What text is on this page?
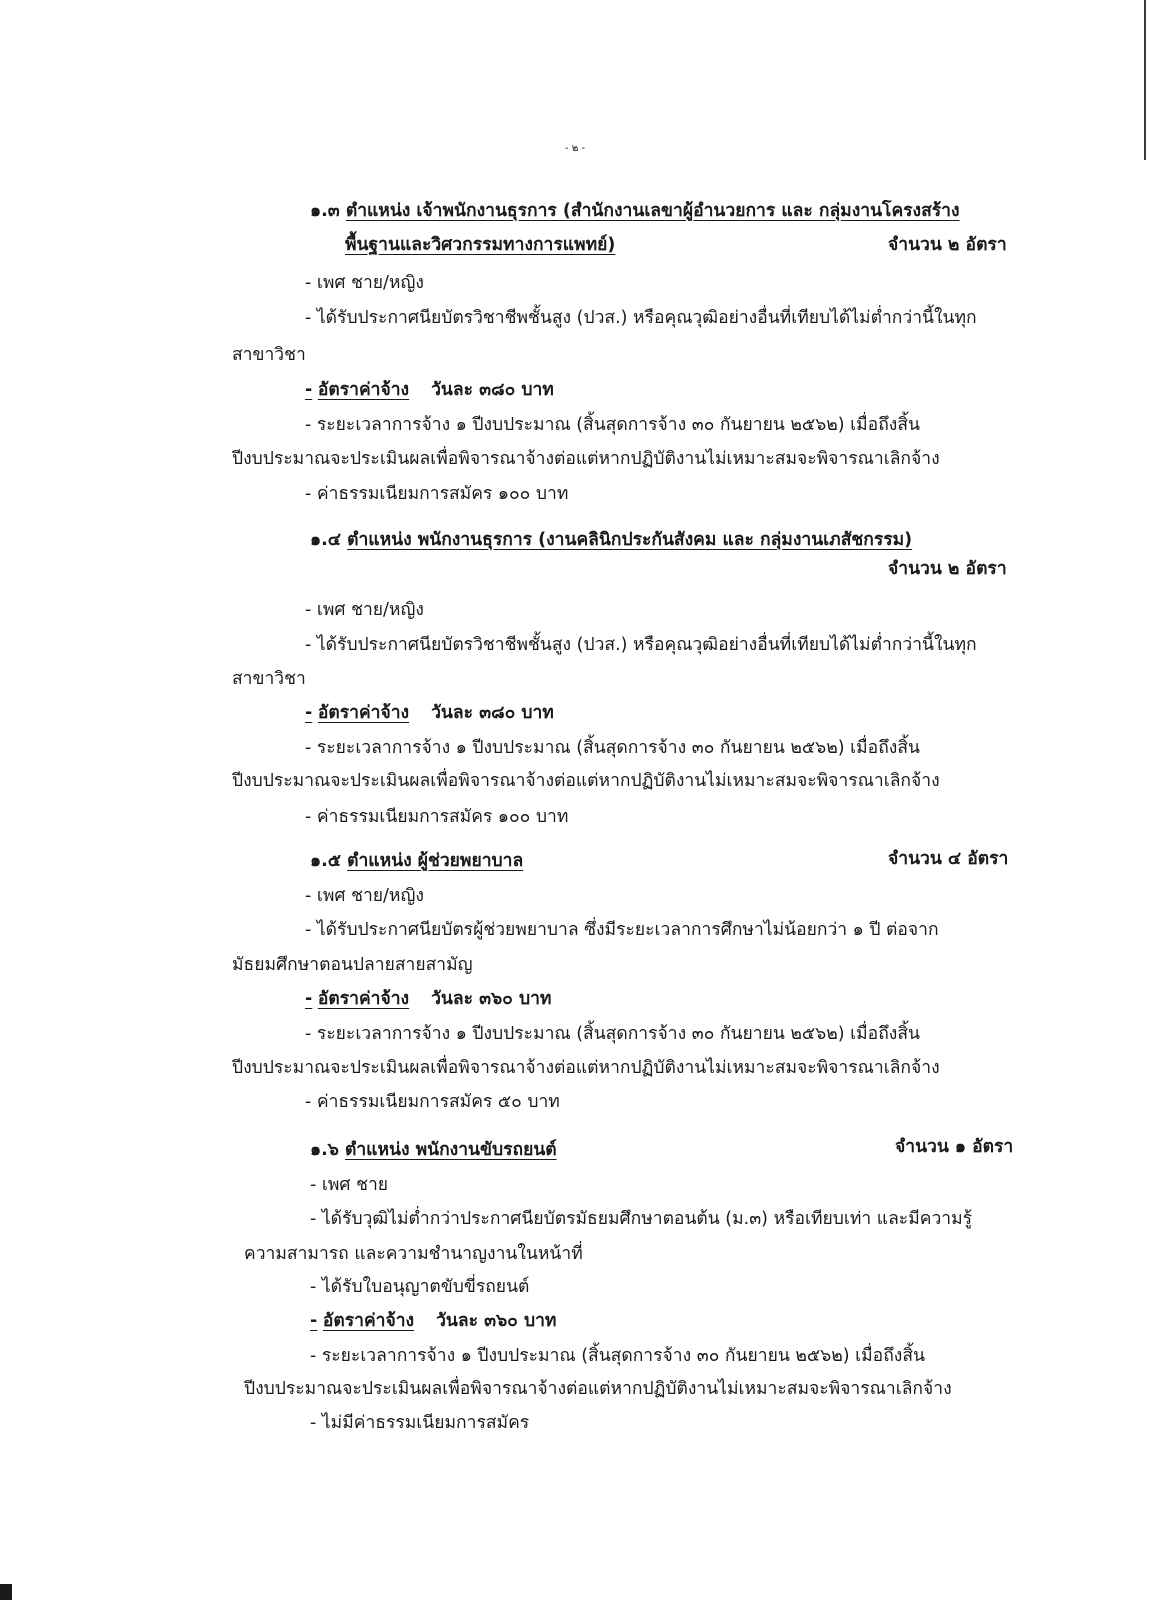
- ๒ -
๑.๓ ตำแหน่ง เจ้าพนักงานธุรการ (สำนักงานเลขาผู้อำนวยการ และ กลุ่มงานโครงสร้าง
พื้นฐานและวิศวกรรมทางการแพทย์)	จำนวน ๒ อัตรา
- เพศ ชาย/หญิง
- ได้รับประกาศนียบัตรวิชาชีพชั้นสูง (ปวส.) หรือคุณวุฒิอย่างอื่นที่เทียบได้ไม่ต่ำกว่านี้ในทุก
สาขาวิชา
- อัตราค่าจ้าง วันละ ๓๘๐ บาท
- ระยะเวลาการจ้าง ๑ ปีงบประมาณ (สิ้นสุดการจ้าง ๓๐ กันยายน ๒๕๖๒) เมื่อถึงสิ้น
ปีงบประมาณจะประเมินผลเพื่อพิจารณาจ้างต่อแต่หากปฏิบัติงานไม่เหมาะสมจะพิจารณาเลิกจ้าง
- ค่าธรรมเนียมการสมัคร ๑๐๐ บาท
๑.๔ ตำแหน่ง พนักงานธุรการ (งานคลินิกประกันสังคม และ กลุ่มงานเภสัชกรรม)
จำนวน ๒ อัตรา
- เพศ ชาย/หญิง
- ได้รับประกาศนียบัตรวิชาชีพชั้นสูง (ปวส.) หรือคุณวุฒิอย่างอื่นที่เทียบได้ไม่ต่ำกว่านี้ในทุก
สาขาวิชา
- อัตราค่าจ้าง วันละ ๓๘๐ บาท
- ระยะเวลาการจ้าง ๑ ปีงบประมาณ (สิ้นสุดการจ้าง ๓๐ กันยายน ๒๕๖๒) เมื่อถึงสิ้น
ปีงบประมาณจะประเมินผลเพื่อพิจารณาจ้างต่อแต่หากปฏิบัติงานไม่เหมาะสมจะพิจารณาเลิกจ้าง
- ค่าธรรมเนียมการสมัคร ๑๐๐ บาท
๑.๕ ตำแหน่ง ผู้ช่วยพยาบาล	จำนวน ๔ อัตรา
- เพศ ชาย/หญิง
- ได้รับประกาศนียบัตรผู้ช่วยพยาบาล ซึ่งมีระยะเวลาการศึกษาไม่น้อยกว่า ๑ ปี ต่อจาก
มัธยมศึกษาตอนปลายสายสามัญ
- อัตราค่าจ้าง วันละ ๓๖๐ บาท
- ระยะเวลาการจ้าง ๑ ปีงบประมาณ (สิ้นสุดการจ้าง ๓๐ กันยายน ๒๕๖๒) เมื่อถึงสิ้น
ปีงบประมาณจะประเมินผลเพื่อพิจารณาจ้างต่อแต่หากปฏิบัติงานไม่เหมาะสมจะพิจารณาเลิกจ้าง
- ค่าธรรมเนียมการสมัคร ๕๐ บาท
๑.๖ ตำแหน่ง พนักงานขับรถยนต์	จำนวน ๑ อัตรา
- เพศ ชาย
- ได้รับวุฒิไม่ต่ำกว่าประกาศนียบัตรมัธยมศึกษาตอนต้น (ม.๓) หรือเทียบเท่า และมีความรู้
ความสามารถ และความชำนาญงานในหน้าที่
- ได้รับใบอนุญาตขับขี่รถยนต์
- อัตราค่าจ้าง วันละ ๓๖๐ บาท
- ระยะเวลาการจ้าง ๑ ปีงบประมาณ (สิ้นสุดการจ้าง ๓๐ กันยายน ๒๕๖๒) เมื่อถึงสิ้น
ปีงบประมาณจะประเมินผลเพื่อพิจารณาจ้างต่อแต่หากปฏิบัติงานไม่เหมาะสมจะพิจารณาเลิกจ้าง
- ไม่มีค่าธรรมเนียมการสมัคร
